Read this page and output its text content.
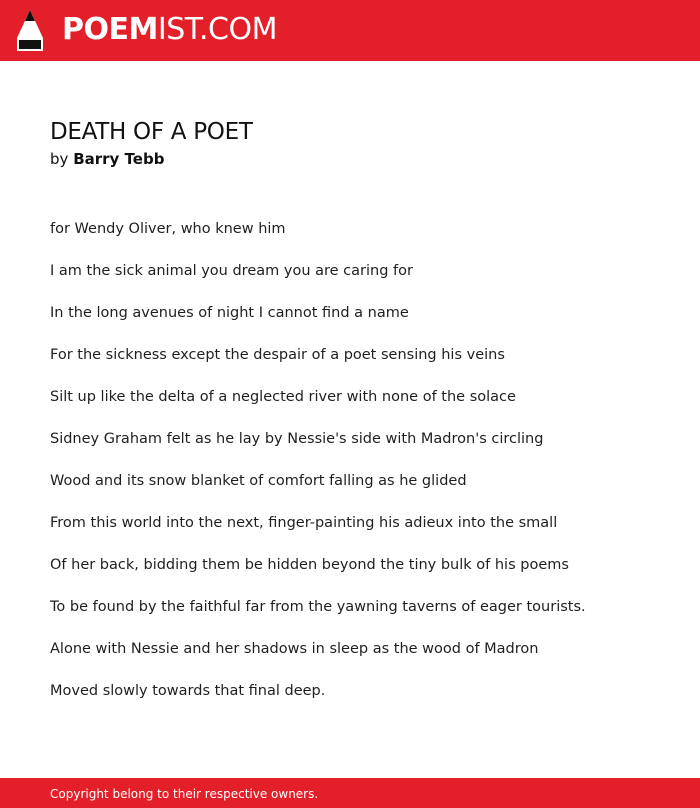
POEMIST.COM
DEATH OF A POET
by Barry Tebb
for Wendy Oliver, who knew him
I am the sick animal you dream you are caring for
In the long avenues of night I cannot find a name
For the sickness except the despair of a poet sensing his veins
Silt up like the delta of a neglected river with none of the solace
Sidney Graham felt as he lay by Nessie's side with Madron's circling
Wood and its snow blanket of comfort falling as he glided
From this world into the next, finger-painting his adieux into the small
Of her back, bidding them be hidden beyond the tiny bulk of his poems
To be found by the faithful far from the yawning taverns of eager tourists.
Alone with Nessie and her shadows in sleep as the wood of Madron
Moved slowly towards that final deep.
Copyright belong to their respective owners.
